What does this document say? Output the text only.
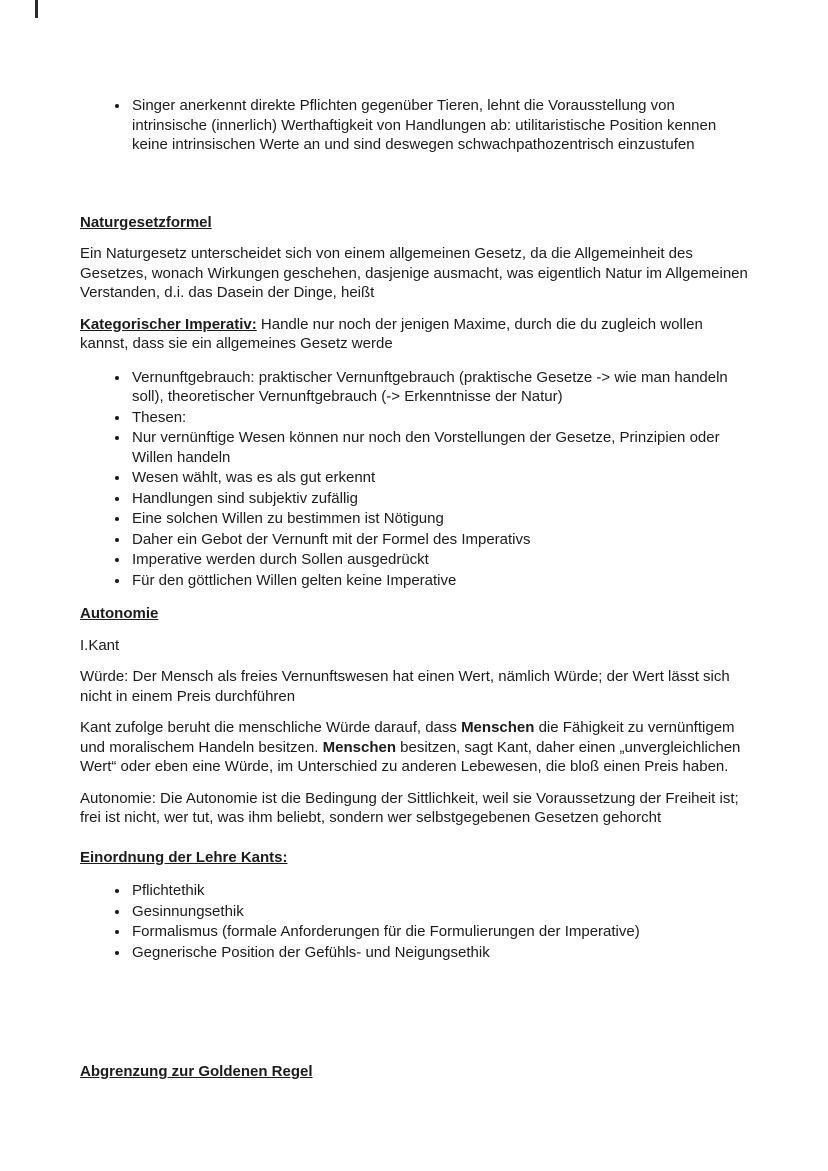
• Singer anerkennt direkte Pflichten gegenüber Tieren, lehnt die Vorausstellung von intrinsische (innerlich) Werthaftigkeit von Handlungen ab: utilitaristische Position kennen keine intrinsischen Werte an und sind deswegen schwachpathozentrisch einzustufen
Naturgesetzformel

Ein Naturgesetz unterscheidet sich von einem allgemeinen Gesetz, da die Allgemeinheit des Gesetzes, wonach Wirkungen geschehen, dasjenige ausmacht, was eigentlich Natur im Allgemeinen Verstanden, d.i. das Dasein der Dinge, heißt

Kategorischer Imperativ: Handle nur noch der jenigen Maxime, durch die du zugleich wollen kannst, dass sie ein allgemeines Gesetz werde

• Vernunftgebrauch: praktischer Vernunftgebrauch (praktische Gesetze -> wie man handeln soll), theoretischer Vernunftgebrauch (-> Erkenntnisse der Natur)
• Thesen:
• Nur vernünftige Wesen können nur noch den Vorstellungen der Gesetze, Prinzipien oder Willen handeln
• Wesen wählt, was es als gut erkennt
• Handlungen sind subjektiv zufällig
• Eine solchen Willen zu bestimmen ist Nötigung
• Daher ein Gebot der Vernunft mit der Formel des Imperativs
• Imperative werden durch Sollen ausgedrückt
• Für den göttlichen Willen gelten keine Imperative
Autonomie

I.Kant

Würde: Der Mensch als freies Vernunftswesen hat einen Wert, nämlich Würde; der Wert lässt sich nicht in einem Preis durchführen

Kant zufolge beruht die menschliche Würde darauf, dass Menschen die Fähigkeit zu vernünftigem und moralischem Handeln besitzen. Menschen besitzen, sagt Kant, daher einen „unvergleichlichen Wert“ oder eben eine Würde, im Unterschied zu anderen Lebewesen, die bloß einen Preis haben.

Autonomie: Die Autonomie ist die Bedingung der Sittlichkeit, weil sie Voraussetzung der Freiheit ist; frei ist nicht, wer tut, was ihm beliebt, sondern wer selbstgegebenen Gesetzen gehorcht

Einordnung der Lehre Kants:
• Pflichtethik
• Gesinnungsethik
• Formalismus (formale Anforderungen für die Formulierungen der Imperative)
• Gegnerische Position der Gefühls- und Neigungsethik
Abgrenzung zur Goldenen Regel
